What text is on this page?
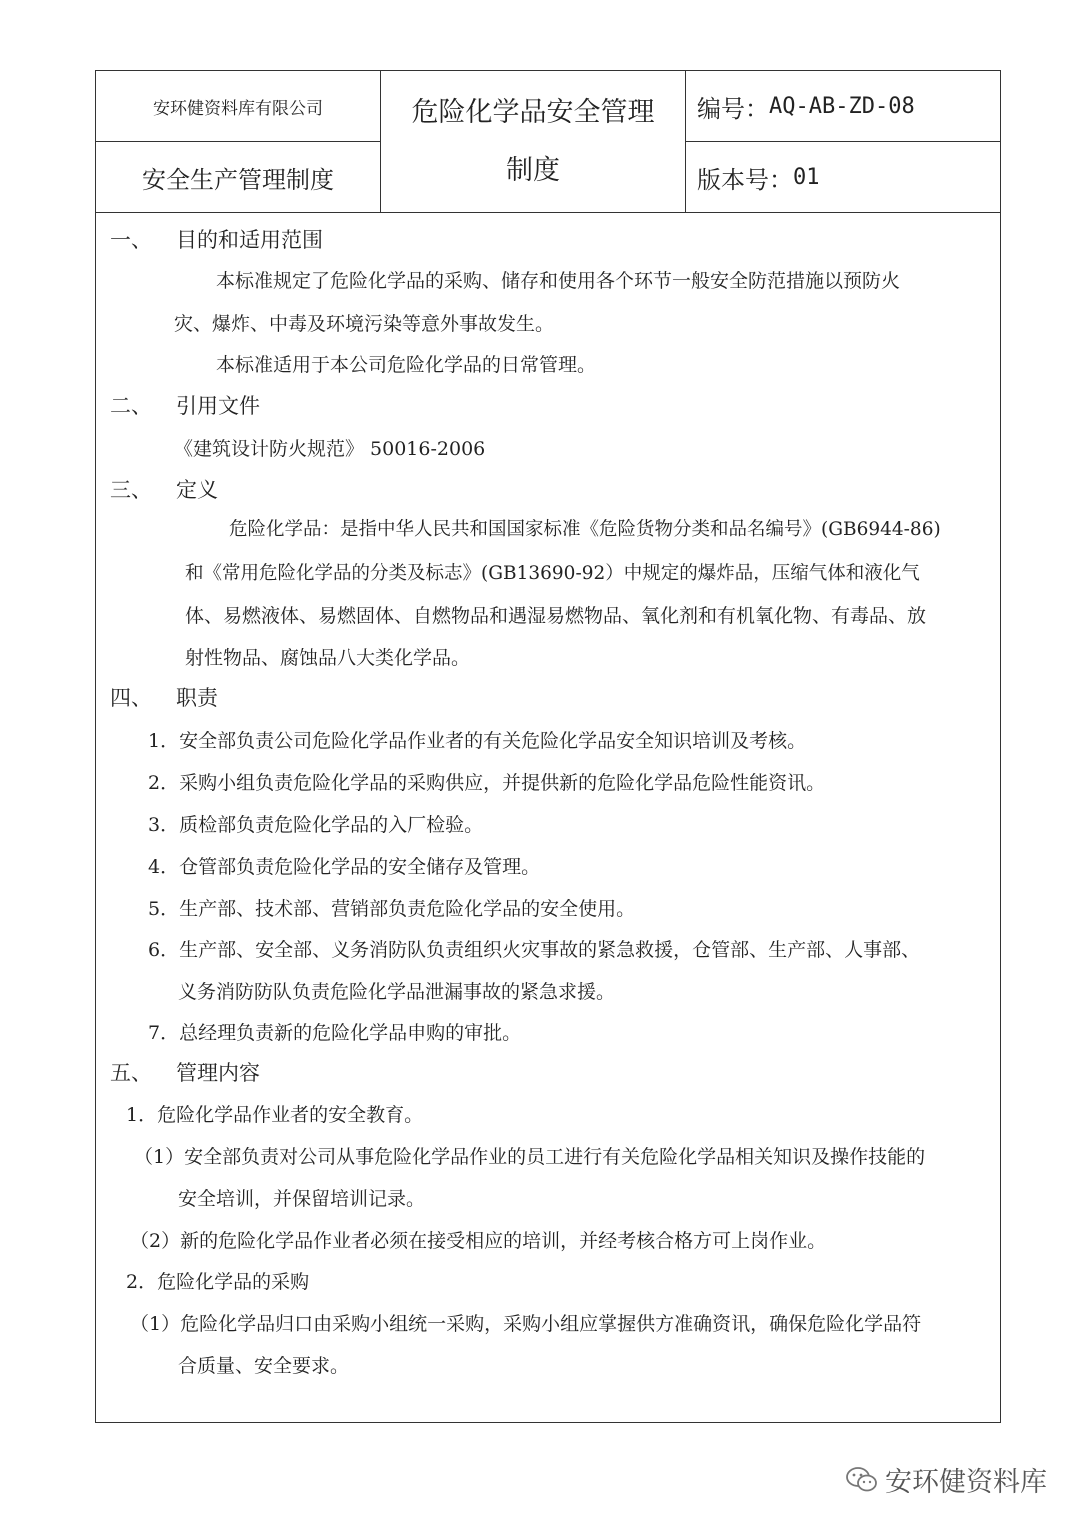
安环健资料库有限公司
安全生产管理制度
危险化学品安全管理
制度
编号： AQ-AB-ZD-08
版本号： 01
一、 目的和适用范围
本标准规定了危险化学品的采购、储存和使用各个环节一般安全防范措施以预防火
灾、爆炸、中毒及环境污染等意外事故发生。
本标准适用于本公司危险化学品的日常管理。
二、 引用文件
《建筑设计防火规范》 50016-2006
三、 定义
危险化学品：是指中华人民共和国国家标准《危险货物分类和品名编号》(GB6944-86)
和《常用危险化学品的分类及标志》(GB13690-92）中规定的爆炸品，压缩气体和液化气
体、易燃液体、易燃固体、自燃物品和遇湿易燃物品、氧化剂和有机氧化物、有毒品、放
射性物品、腐蚀品八大类化学品。
四、 职责
1．安全部负责公司危险化学品作业者的有关危险化学品安全知识培训及考核。
2．采购小组负责危险化学品的采购供应，并提供新的危险化学品危险性能资讯。
3．质检部负责危险化学品的入厂检验。
4．仓管部负责危险化学品的安全储存及管理。
5．生产部、技术部、营销部负责危险化学品的安全使用。
6．生产部、安全部、义务消防队负责组织火灾事故的紧急救援，仓管部、生产部、人事部、
义务消防防队负责危险化学品泄漏事故的紧急求援。
7．总经理负责新的危险化学品申购的审批。
五、 管理内容
1．危险化学品作业者的安全教育。
（1）安全部负责对公司从事危险化学品作业的员工进行有关危险化学品相关知识及操作技能的
安全培训，并保留培训记录。
（2）新的危险化学品作业者必须在接受相应的培训，并经考核合格方可上岗作业。
2．危险化学品的采购
（1）危险化学品归口由采购小组统一采购，采购小组应掌握供方准确资讯，确保危险化学品符
合质量、安全要求。
安环健资料库
